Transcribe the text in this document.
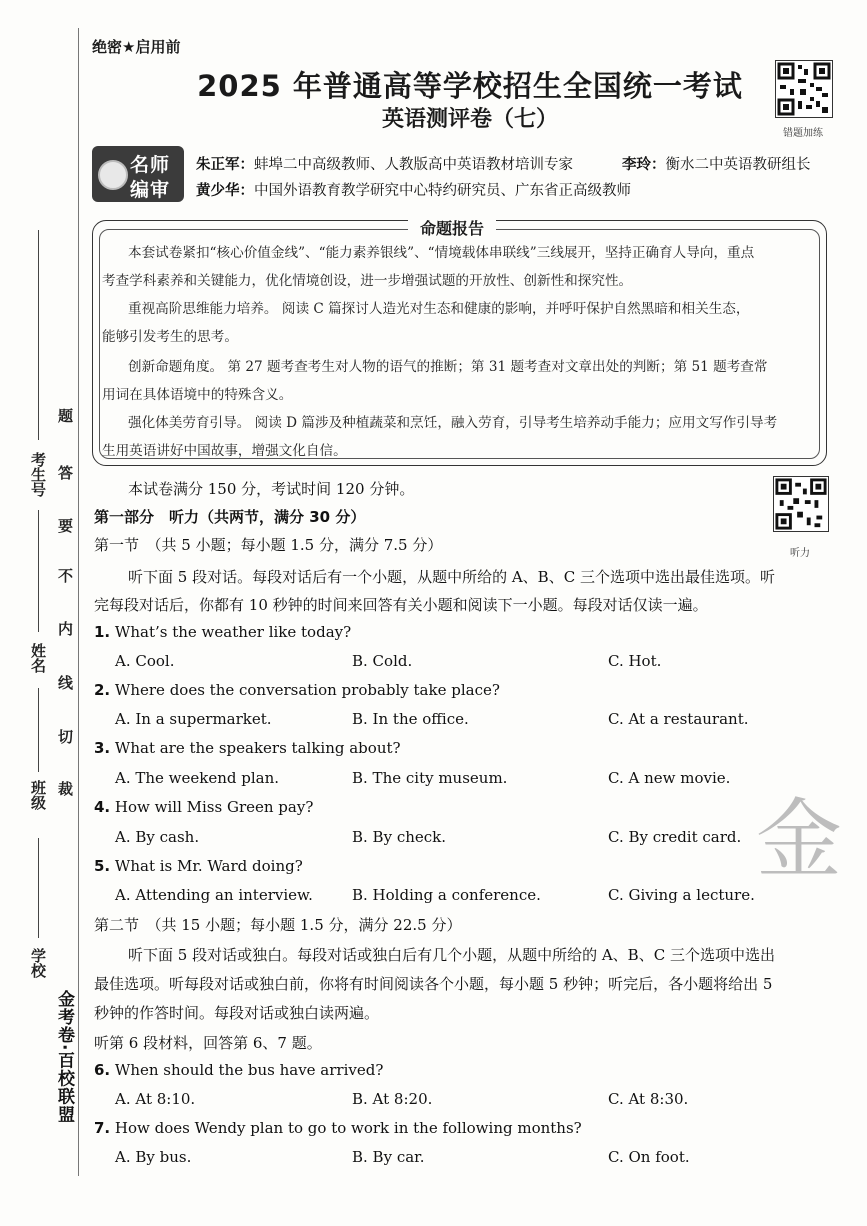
考生号
姓名
班级
学校
题
答
要
不
内
线
切
裁
金考卷·百校联盟
绝密★启用前
2025 年普通高等学校招生全国统一考试
英语测评卷（七）
错题加练
名师
编审
朱正军：蚌埠二中高级教师、人教版高中英语教材培训专家	李玲：衡水二中英语教研组长
黄少华：中国外语教育教学研究中心特约研究员、广东省正高级教师
命题报告
本套试卷紧扣“核心价值金线”、“能力素养银线”、“情境载体串联线”三线展开，坚持正确育人导向，重点
考查学科素养和关键能力，优化情境创设，进一步增强试题的开放性、创新性和探究性。
重视高阶思维能力培养。 阅读 C 篇探讨人造光对生态和健康的影响，并呼吁保护自然黑暗和相关生态，
能够引发考生的思考。
创新命题角度。 第 27 题考查考生对人物的语气的推断；第 31 题考查对文章出处的判断；第 51 题考查常
用词在具体语境中的特殊含义。
强化体美劳育引导。 阅读 D 篇涉及种植蔬菜和烹饪，融入劳育，引导考生培养动手能力；应用文写作引导考
生用英语讲好中国故事，增强文化自信。
听力
本试卷满分 150 分，考试时间 120 分钟。
第一部分　听力（共两节，满分 30 分）
第一节　（共 5 小题；每小题 1.5 分，满分 7.5 分）
听下面 5 段对话。每段对话后有一个小题，从题中所给的 A、B、C 三个选项中选出最佳选项。听
完每段对话后，你都有 10 秒钟的时间来回答有关小题和阅读下一小题。每段对话仅读一遍。
1. What’s the weather like today?
A. Cool.	B. Cold.	C. Hot.
2. Where does the conversation probably take place?
A. In a supermarket.	B. In the office.	C. At a restaurant.
3. What are the speakers talking about?
A. The weekend plan.	B. The city museum.	C. A new movie.
4. How will Miss Green pay?
A. By cash.	B. By check.	C. By credit card.
5. What is Mr. Ward doing?
A. Attending an interview.	B. Holding a conference.	C. Giving a lecture.
金
第二节　（共 15 小题；每小题 1.5 分，满分 22.5 分）
听下面 5 段对话或独白。每段对话或独白后有几个小题，从题中所给的 A、B、C 三个选项中选出
最佳选项。听每段对话或独白前，你将有时间阅读各个小题，每小题 5 秒钟；听完后，各小题将给出 5
秒钟的作答时间。每段对话或独白读两遍。
听第 6 段材料，回答第 6、7 题。
6. When should the bus have arrived?
A. At 8:10.	B. At 8:20.	C. At 8:30.
7. How does Wendy plan to go to work in the following months?
A. By bus.	B. By car.	C. On foot.
